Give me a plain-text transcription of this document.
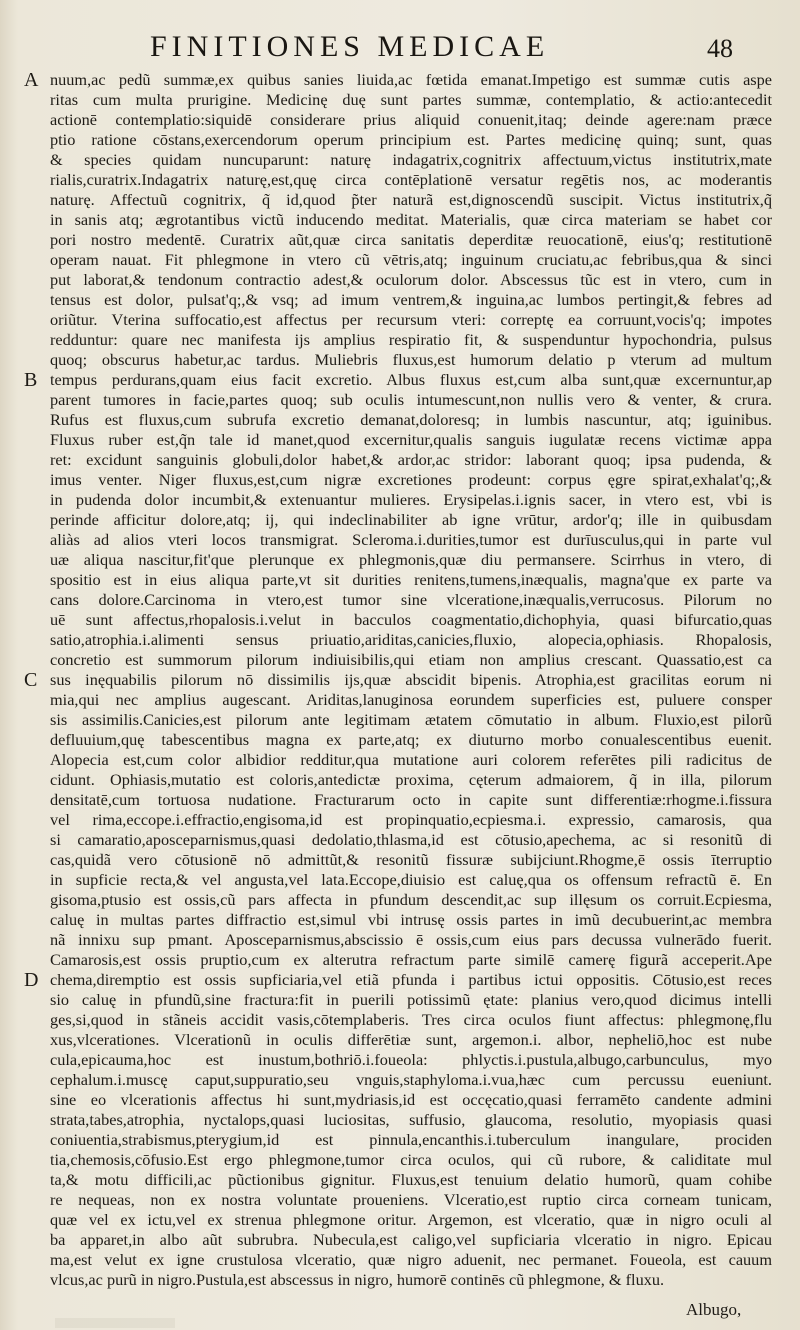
FINITIONES MEDICAE	48
A
B
C
D
nuum,ac pedũ summæ,ex quibus sanies liuida,ac fœtida emanat.Impetigo est summæ cutis aspe
ritas cum multa prurigine. Medicinę duę sunt partes summæ, contemplatio, & actio:antecedit
actionē contemplatio:siquidē considerare prius aliquid conuenit,itaq; deinde agere:nam præce
ptio ratione cōstans,exercendorum operum principium est. Partes medicinę quinq; sunt, quas
& species quidam nuncuparunt: naturę indagatrix,cognitrix affectuum,victus institutrix,mate
rialis,curatrix.Indagatrix naturę,est,quę circa contēplationē versatur regētis nos, ac moderantis
naturę. Affectuũ cognitrix, q̃ id,quod p̃ter naturã est,dignoscendũ suscipit. Victus institutrix,q̃
in sanis atq; ægrotantibus victũ inducendo meditat. Materialis, quæ circa materiam se habet cor
pori nostro medentē. Curatrix aũt,quæ circa sanitatis deperditæ reuocationē, eius'q; restitutionē
operam nauat. Fit phlegmone in vtero cũ vētris,atq; inguinum cruciatu,ac febribus,qua & sinci
put laborat,& tendonum contractio adest,& oculorum dolor. Abscessus tũc est in vtero, cum in
tensus est dolor, pulsat'q;,& vsq; ad imum ventrem,& inguina,ac lumbos pertingit,& febres ad
oriũtur. Vterina suffocatio,est affectus per recursum vteri: correptę ea corruunt,vocis'q; impotes
redduntur: quare nec manifesta ijs amplius respiratio fit, & suspenduntur hypochondria, pulsus
quoq; obscurus habetur,ac tardus. Muliebris fluxus,est humorum delatio p vterum ad multum
tempus perdurans,quam eius facit excretio. Albus fluxus est,cum alba sunt,quæ excernuntur,ap
parent tumores in facie,partes quoq; sub oculis intumescunt,non nullis vero & venter, & crura.
Rufus est fluxus,cum subrufa excretio demanat,doloresq; in lumbis nascuntur, atq; iguinibus.
Fluxus ruber est,q̃n tale id manet,quod excernitur,qualis sanguis iugulatæ recens victimæ appa
ret: excidunt sanguinis globuli,dolor habet,& ardor,ac stridor: laborant quoq; ipsa pudenda, &
imus venter. Niger fluxus,est,cum nigræ excretiones prodeunt: corpus ęgre spirat,exhalat'q;,&
in pudenda dolor incumbit,& extenuantur mulieres. Erysipelas.i.ignis sacer, in vtero est, vbi is
perinde afficitur dolore,atq; ij, qui indeclinabiliter ab igne vrūtur, ardor'q; ille in quibusdam
aliàs ad alios vteri locos transmigrat. Scleroma.i.durities,tumor est durīusculus,qui in parte vul
uæ aliqua nascitur,fit'que plerunque ex phlegmonis,quæ diu permansere. Scirrhus in vtero, di
spositio est in eius aliqua parte,vt sit durities renitens,tumens,inæqualis, magna'que ex parte va
cans dolore.Carcinoma in vtero,est tumor sine vlceratione,inæqualis,verrucosus. Pilorum no
uē sunt affectus,rhopalosis.i.velut in bacculos coagmentatio,dichophyia, quasi bifurcatio,quas
satio,atrophia.i.alimenti sensus priuatio,ariditas,canicies,fluxio, alopecia,ophiasis. Rhopalosis,
concretio est summorum pilorum indiuisibilis,qui etiam non amplius crescant. Quassatio,est ca
sus inęquabilis pilorum nō dissimilis ijs,quæ abscidit bipenis. Atrophia,est gracilitas eorum ni
mia,qui nec amplius augescant. Ariditas,lanuginosa eorundem superficies est, puluere consper
sis assimilis.Canicies,est pilorum ante legitimam ætatem cōmutatio in album. Fluxio,est pilorũ
defluuium,quę tabescentibus magna ex parte,atq; ex diuturno morbo conualescentibus euenit.
Alopecia est,cum color albidior redditur,qua mutatione auri colorem referētes pili radicitus de
cidunt. Ophiasis,mutatio est coloris,antedictæ proxima, cęterum admaiorem, q̃ in illa, pilorum
densitatē,cum tortuosa nudatione. Fracturarum octo in capite sunt differentiæ:rhogme.i.fissura
vel rima,eccope.i.effractio,engisoma,id est propinquatio,ecpiesma.i. expressio, camarosis, qua
si camaratio,aposceparnismus,quasi dedolatio,thlasma,id est cōtusio,apechema, ac si resonitũ di
cas,quidã vero cōtusionē nō admittũt,& resonitũ fissuræ subijciunt.Rhogme,ē ossis īterruptio
in supficie recta,& vel angusta,vel lata.Eccope,diuisio est caluę,qua os offensum refractũ ē. En
gisoma,ptusio est ossis,cũ pars affecta in pfundum descendit,ac sup illęsum os corruit.Ecpiesma,
caluę in multas partes diffractio est,simul vbi intrusę ossis partes in imũ decubuerint,ac membra
nã innixu sup pmant. Aposceparnismus,abscissio ē ossis,cum eius pars decussa vulnerādo fuerit.
Camarosis,est ossis pruptio,cum ex alterutra refractum parte similē camerę figurã acceperit.Ape
chema,diremptio est ossis supficiaria,vel etiã pfunda i partibus ictui oppositis. Cōtusio,est reces
sio caluę in pfundũ,sine fractura:fit in puerili potissimũ ętate: planius vero,quod dicimus intelli
ges,si,quod in stãneis accidit vasis,cōtemplaberis. Tres circa oculos fiunt affectus: phlegmonę,flu
xus,vlcerationes. Vlcerationũ in oculis differētiæ sunt, argemon.i. albor, nepheliō,hoc est nube
cula,epicauma,hoc est inustum,bothriō.i.foueola: phlyctis.i.pustula,albugo,carbunculus, myo
cephalum.i.muscę caput,suppuratio,seu vnguis,staphyloma.i.vua,hæc cum percussu eueniunt.
sine eo vlcerationis affectus hi sunt,mydriasis,id est occęcatio,quasi ferramēto candente admini
strata,tabes,atrophia, nyctalops,quasi luciositas, suffusio, glaucoma, resolutio, myopiasis quasi
coniuentia,strabismus,pterygium,id est pinnula,encanthis.i.tuberculum inangulare, prociden
tia,chemosis,cōfusio.Est ergo phlegmone,tumor circa oculos, qui cũ rubore, & caliditate mul
ta,& motu difficili,ac pũctionibus gignitur. Fluxus,est tenuium delatio humorũ, quam cohibe
re nequeas, non ex nostra voluntate proueniens. Vlceratio,est ruptio circa corneam tunicam,
quæ vel ex ictu,vel ex strenua phlegmone oritur. Argemon, est vlceratio, quæ in nigro oculi al
ba apparet,in albo aũt subrubra. Nubecula,est caligo,vel supficiaria vlceratio in nigro. Epicau
ma,est velut ex igne crustulosa vlceratio, quæ nigro aduenit, nec permanet. Foueola, est cauum
vlcus,ac purũ in nigro.Pustula,est abscessus in nigro, humorē continēs cũ phlegmone, & fluxu.
Albugo,
